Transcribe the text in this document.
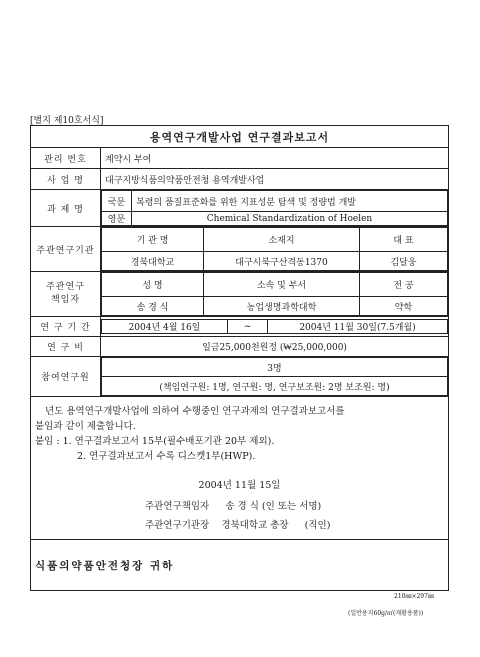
[별지 제10호서식]
용역연구개발사업 연구결과보고서
관리 번호	계약시 부여
사 업 명	대구지방식품의약품안전청 용역개발사업
과 제 명	
국문	복령의 품질표준화를 위한 지표성분 탐색 및 정량법 개발
영문	Chemical Standardization of Hoelen

주관연구기관	
기 관 명	소재지	대 표
경북대학교	대구시북구산격동1370	김달웅

주관연구
책임자

성 명	소속 및 부서	전 공
송 경 식	농업생명과학대학	약학

연 구 기 간		2004년 4월 16일	~	2004년 11월 30일(7.5개월)

연 구 비	일금25,000천원정 (₩25,000,000)
참여연구원	
3명
(책임연구원: 1명, 연구원: 명, 연구보조원: 2명 보조원: 명)

년도 용역연구개발사업에 의하여 수행중인 연구과제의 연구결과보고서를
붙임과 같이 제출합니다.
붙임 : 1. 연구결과보고서 15부(필수배포기관 20부 제외).
2. 연구결과보고서 수록 디스켓1부(HWP).
2004년 11월 15일
주관연구책임자 송 경 식 (인 또는 서명)
주관연구기관장 경북대학교 총장 (직인)

식품의약품안전청장 귀하
210㎜×297㎜
(일반용지60g/㎡(재활용품))
